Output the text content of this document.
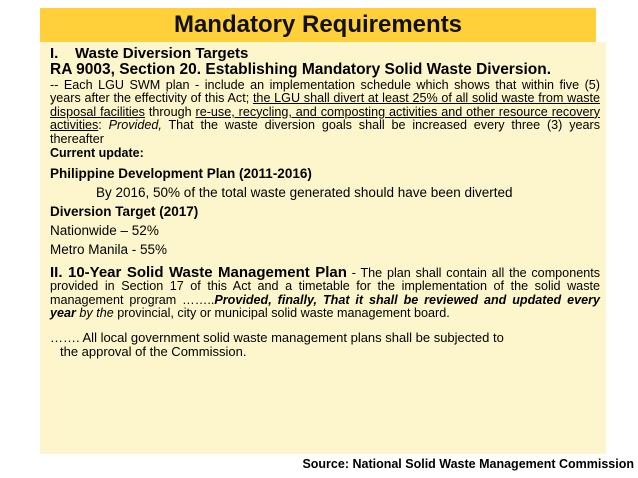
Mandatory Requirements
I.    Waste Diversion Targets
RA 9003, Section 20. Establishing Mandatory Solid Waste Diversion.
-- Each LGU SWM plan - include an implementation schedule which shows that within five (5) years after the effectivity of this Act; the LGU shall divert at least 25% of all solid waste from waste disposal facilities through re-use, recycling, and composting activities and other resource recovery activities: Provided, That the waste diversion goals shall be increased every three (3) years thereafter
Current update:
Philippine Development Plan (2011-2016)
By 2016, 50% of the total waste generated should have been diverted
Diversion Target (2017)
Nationwide – 52%
Metro Manila - 55%
II. 10-Year Solid Waste Management Plan - The plan shall contain all the components provided in Section 17 of this Act and a timetable for the implementation of the solid waste management program ……..Provided, finally, That it shall be reviewed and updated every year by the provincial, city or municipal solid waste management board.
……. All local government solid waste management plans shall be subjected to
the approval of the Commission.
Source: National Solid Waste Management Commission
